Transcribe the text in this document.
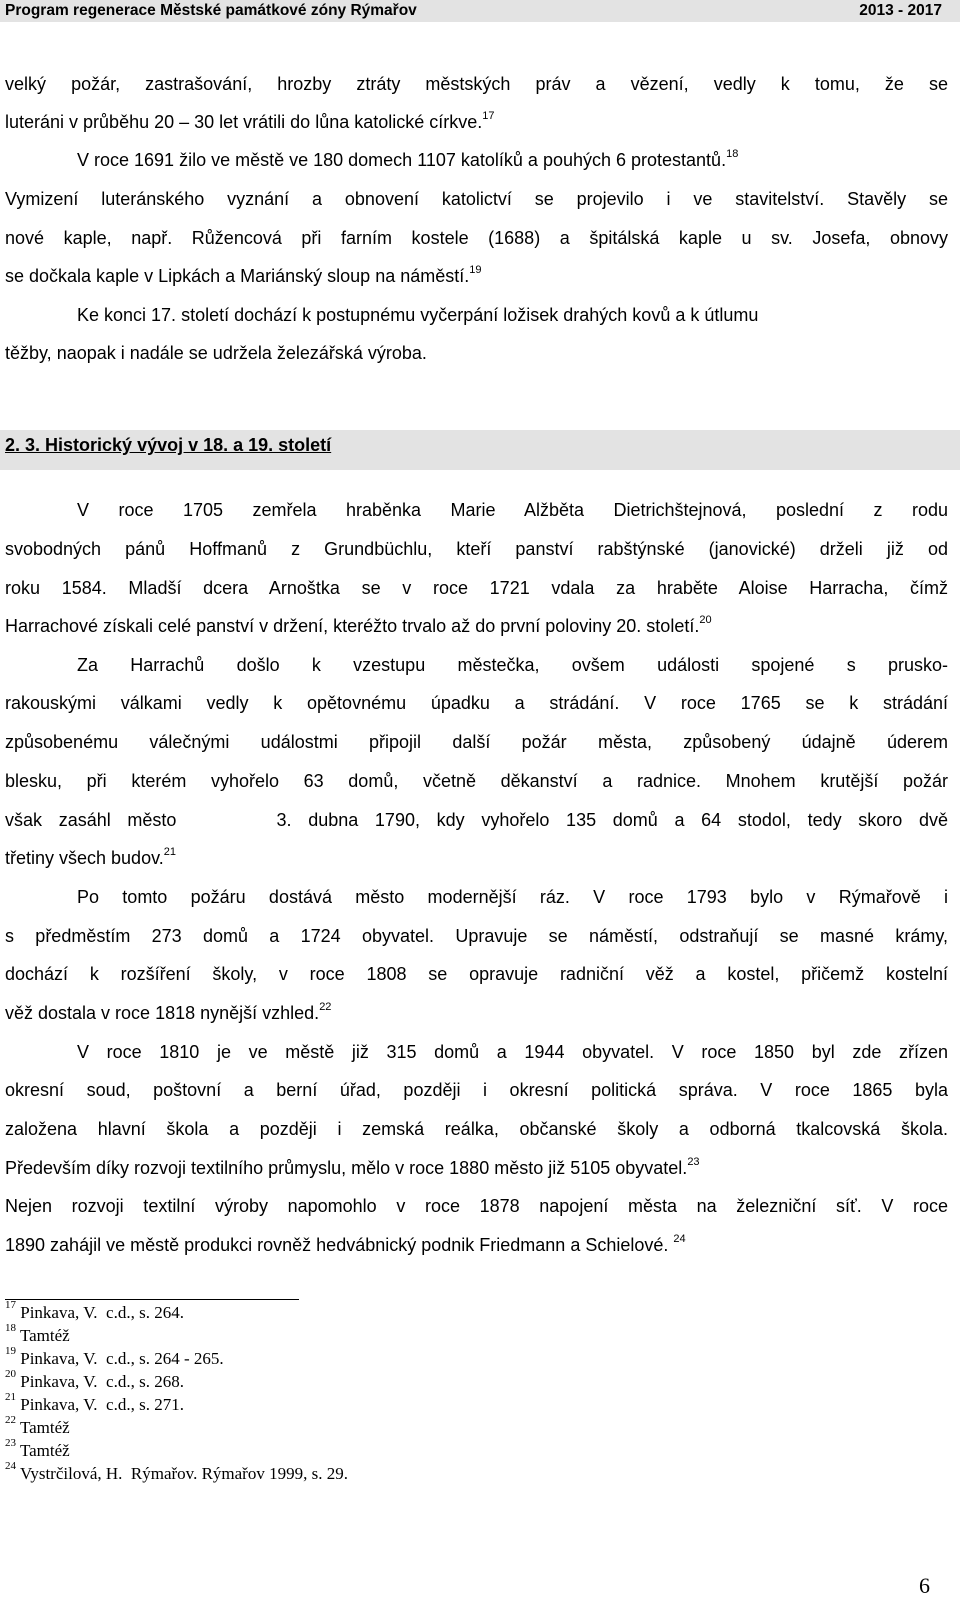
Program regenerace Městské památkové zóny Rýmařov	2013 - 2017
velký požár, zastrašování, hrozby ztráty městských práv a vězení, vedly k tomu, že se
luteráni v průběhu 20 – 30 let vrátili do lůna katolické církve.$^{17}$
V roce 1691 žilo ve městě ve 180 domech 1107 katolíků a pouhých 6 protestantů.$^{18}$
Vymizení luteránského vyznání a obnovení katolictví se projevilo i ve stavitelství. Stavěly se
nové kaple, např. Růžencová při farním kostele (1688) a špitálská kaple u sv. Josefa, obnovy
se dočkala kaple v Lipkách a Mariánský sloup na náměstí.$^{19}$
Ke konci 17. století dochází k postupnému vyčerpání ložisek drahých kovů a k útlumu
těžby, naopak i nadále se udržela železářská výroba.
2. 3. Historický vývoj v 18. a 19. století
V roce 1705 zemřela hraběnka Marie Alžběta Dietrichštejnová, poslední z rodu
svobodných pánů Hoffmanů z Grundbüchlu, kteří panství rabštýnské (janovické) drželi již od
roku 1584. Mladší dcera Arnoštka se v roce 1721 vdala za hraběte Aloise Harracha, čímž
Harrachové získali celé panství v držení, kteréžto trvalo až do první poloviny 20. století.$^{20}$
Za Harrachů došlo k vzestupu městečka, ovšem události spojené s prusko-
rakouskými válkami vedly k opětovnému úpadku a strádání. V roce 1765 se k strádání
způsobenému válečnými událostmi připojil další požár města, způsobený údajně úderem
blesku, při kterém vyhořelo 63 domů, včetně děkanství a radnice. Mnohem krutější požár
však zasáhl město      3. dubna 1790, kdy vyhořelo 135 domů a 64 stodol, tedy skoro dvě
třetiny všech budov.$^{21}$
Po tomto požáru dostává město modernější ráz. V roce 1793 bylo v Rýmařově i
s předměstím 273 domů a 1724 obyvatel. Upravuje se náměstí, odstraňují se masné krámy,
dochází k rozšíření školy, v roce 1808 se opravuje radniční věž a kostel, přičemž kostelní
věž dostala v roce 1818 nynější vzhled.$^{22}$
V roce 1810 je ve městě již 315 domů a 1944 obyvatel. V roce 1850 byl zde zřízen
okresní soud, poštovní a berní úřad, později i okresní politická správa. V roce 1865 byla
založena hlavní škola a později i zemská reálka, občanské školy a odborná tkalcovská škola.
Především díky rozvoji textilního průmyslu, mělo v roce 1880 město již 5105 obyvatel.$^{23}$
Nejen rozvoji textilní výroby napomohlo v roce 1878 napojení města na železniční síť. V roce
1890 zahájil ve městě produkci rovněž hedvábnický podnik Friedmann a Schielové. $^{24}$
$^{17}$ Pinkava, V.  c.d., s. 264.
$^{18}$ Tamtéž
$^{19}$ Pinkava, V.  c.d., s. 264 - 265.
$^{20}$ Pinkava, V.  c.d., s. 268.
$^{21}$ Pinkava, V.  c.d., s. 271.
$^{22}$ Tamtéž
$^{23}$ Tamtéž
$^{24}$ Vystrčilová, H.  Rýmařov. Rýmařov 1999, s. 29.
6
